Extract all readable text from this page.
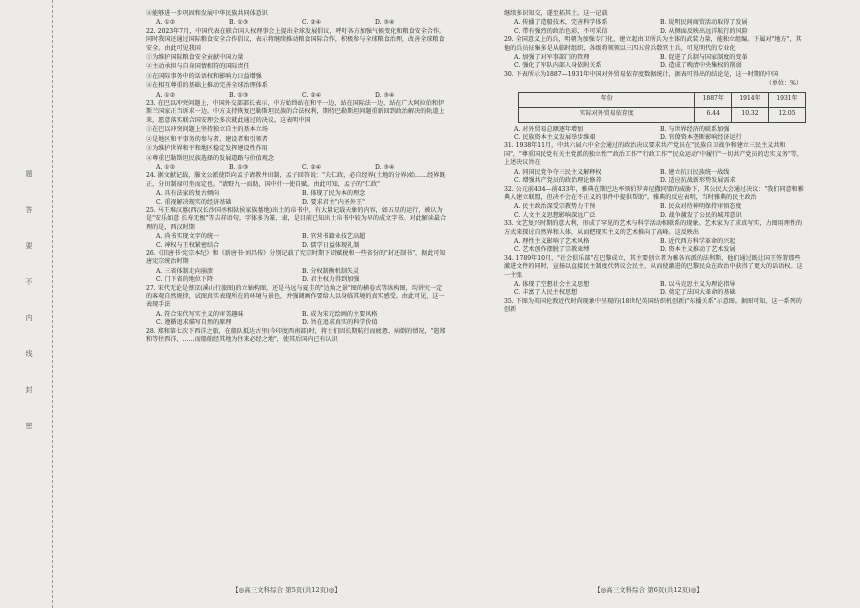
题
答
要
不
内
线
封
密
④能够进一步巩固和发展中华民族共同体意识
A. ①②	B. ①③	C. ②④	D. ③④
22. 2023年7月，中国代表在联合国人权理事会上提出全球发展倡议，呼吁各方加强气候变化和粮食安全合作。同时我国还通过国际粮食安全合作倡议，表示将继续推动粮食国际合作，积极参与全球粮食治理，改善全球粮食安全。由此可见我国
①为维护国际粮食安全贡献中国力量
②主动承担与自身国情相符的国际责任
③在国际事务中的话语权和影响力日益增强
④在相互尊重的基础上推动完善全球治理体系
A. ①②	B. ①③	C. ②④	D. ③④
23. 在巴以冲突问题上，中国外交部部长表示，中方始终站在和平一边，站在国际法一边，站在广大阿拉伯和伊斯兰国家正当诉求一边。中方支持恢复巴勒斯坦民族的合法权利，期待巴勒斯坦问题重新回到政治解决的轨道上来，愿意落实联合国安理会多次就此通过的决议。这表明中国
①在巴以冲突问题上坚持独立自主的基本立场
②是地区和平事务的参与者、建设者和引领者
③为维护世界和平和地区稳定发挥建设性作用
④尊重巴勒斯坦民族选择的发展道路与价值观念
A. ①②	B. ①③	C. ②④	D. ③④
24. 据文献记载，滕文公派使臣向孟子请教井田制，孟子回答说："夫仁政，必自经界(土地的分界)始……经界既正，分田制禄可坐而定也。"请野九一而助，国中什一使自赋。由此可知，孟子的"仁政"
A. 具有法家的复古倾向	B. 体现了民为本的理念
C. 重视解决现实的经济基础	D. 要求君主"内圣外王"
25. 马王堆汉墓(西汉长沙国丞相轪侯家族墓地)出土的帛书中，有大量记载天象的内容，如五星的运行，被认为是"安乐如意 长寿无极"等吉祥语句。字体多为篆、隶，是目前已知出土帛书中较为早的成文字书。对此解读最合理的是，西汉时期
A. 尚书实现文字的统一	B. 官营书籍业技艺高超
C. 神权与王权紧密结合	D. 儒学日益体现礼制
26.《旧唐书·宪宗本纪》和《新唐书·刘昌传》分别记载了宪宗时期下诏赋税和一些省份的"封还制书"，据此可知唐宪宗统治时期
A. 三省体制走向崩溃	B. 分权制衡机制失灵
C. 门下省的地位下降	D. 君主权力得到加强
27. 宋代无论是蔡京(溪山行旅图)的立轴构图，还是马远与夏圭的"边角之景"图的横卷式等纵构图，均讲究一定的客观自然规律，试图真实表现所在的环境与景色，并强调画作要给人以身临其境的真实感受。由此可见，这一表现手法
A. 符合宋代写实主义的审美趣味	B. 成为宋元绘画的主要风格
C. 遵循追求描写自然的原理	D. 旨在追求真实的科学价值
28. 郑和第七次下西洋之旅，在船队抵达古里(今印度西南部)时，将士们因长期航行而疲惫、病倒的情况，"遣郑和等往西洋，……而船舶经其地为往来必经之地"，使其后国内已有认识
继续多识知交，遂至拓其土。这一记载
A. 传播了造船技术，完善科学体系	B. 说明民间商贸活动取得了发展
C. 带有强烈的政治色彩，不可采信	D. 从侧面反映出远洋航行的风险
29. 全国意义上的兵，明朝为加强专门化，建立起由卫所兵为主体的武装力量，能独立组编。下属对"地方"，其他的兵员征集多是从临时组织，各级将领领以三四五营兵数官士兵，可见明代的专业化
A. 加强了对军事部门的管理	B. 促进了兵制与国家制度的变革
C. 强化了军队内部人身依附关系	D. 造成了晚清中央集权的削弱
30. 下表所示为1887—1931年中国对外贸易依存度数据统计，据表可得出的结论是，这一时期的中国
（单位：%）
年份	1887年	1914年	1931年
实际对外贸易依存度	6.44	10.32	12.05
A. 对外贸易总额逐年增加	B. 与世界经济的联系加强
C. 民族资本主义发展举步维艰	D. 官僚资本垄断影响经济运行
31. 1938年11月，中共六届六中全会通过的政治决议要求共产党员在"民族自卫战争和建立三民主义共和国"，"尊重国民党有关主党派的独立性""政治工作""行政工作""民众运动"中履行"一切共产党员的忠实义务"等，上述决议旨在
A. 同国民党争夺三民主义解释权	B. 建立抗日民族统一战线
C. 增强共产党员的政治理论修养	D. 适应抗战新形势发展需求
32. 公元前434—前433年，雅典在斯巴达率领伯罗奔尼撒同盟的威胁下，其公民大会通过决议："我们同意和雅典人建立联盟，但决不会在不正义的事件中提供帮助"。雅典的反应表明，当时雅典的民主政治
A. 民主政治深受宗教势力干预	B. 民众对待神明保持审慎态度
C. 人文主义思想影响深远广泛	D. 战争激发了公民的城邦意识
33. 文艺复兴时期的意大利，形成了罕见的艺术与科学活动相联系的现象。艺术家为了求真写实，力图用理性的方式来探讨自然界和人体，从而把现实主义的艺术推向了高峰。这反映出
A. 理性主义影响了艺术风格	B. 近代西方科学革命的兴起
C. 艺术创作摆脱了宗教束缚	D. 资本主义推动了艺术发展
34. 1789年10月，"社会俱乐部"在巴黎成立，其主要创立者为雅各宾派的法利斯，他们通过既让国王签署那些激进文件的同时，宣扬以直接民主制度代替议会民主，从而使激进的巴黎民众在政治中获得了更大的话语权。这一主张
A. 体现了空想社会主义思想	B. 以马克思主义为理论指导
C. 丰富了人民主权思想	D. 奠定了法国大革命的基础
35. 下图为英国伦敦近代时尚现象中呈现的(18世纪英国纺织机创新)"东播关系"示意图。据图可知，这一系列的创新
【◎高三文科综合 第5页(共12页)◎】	【◎高三文科综合 第6页(共12页)◎】
